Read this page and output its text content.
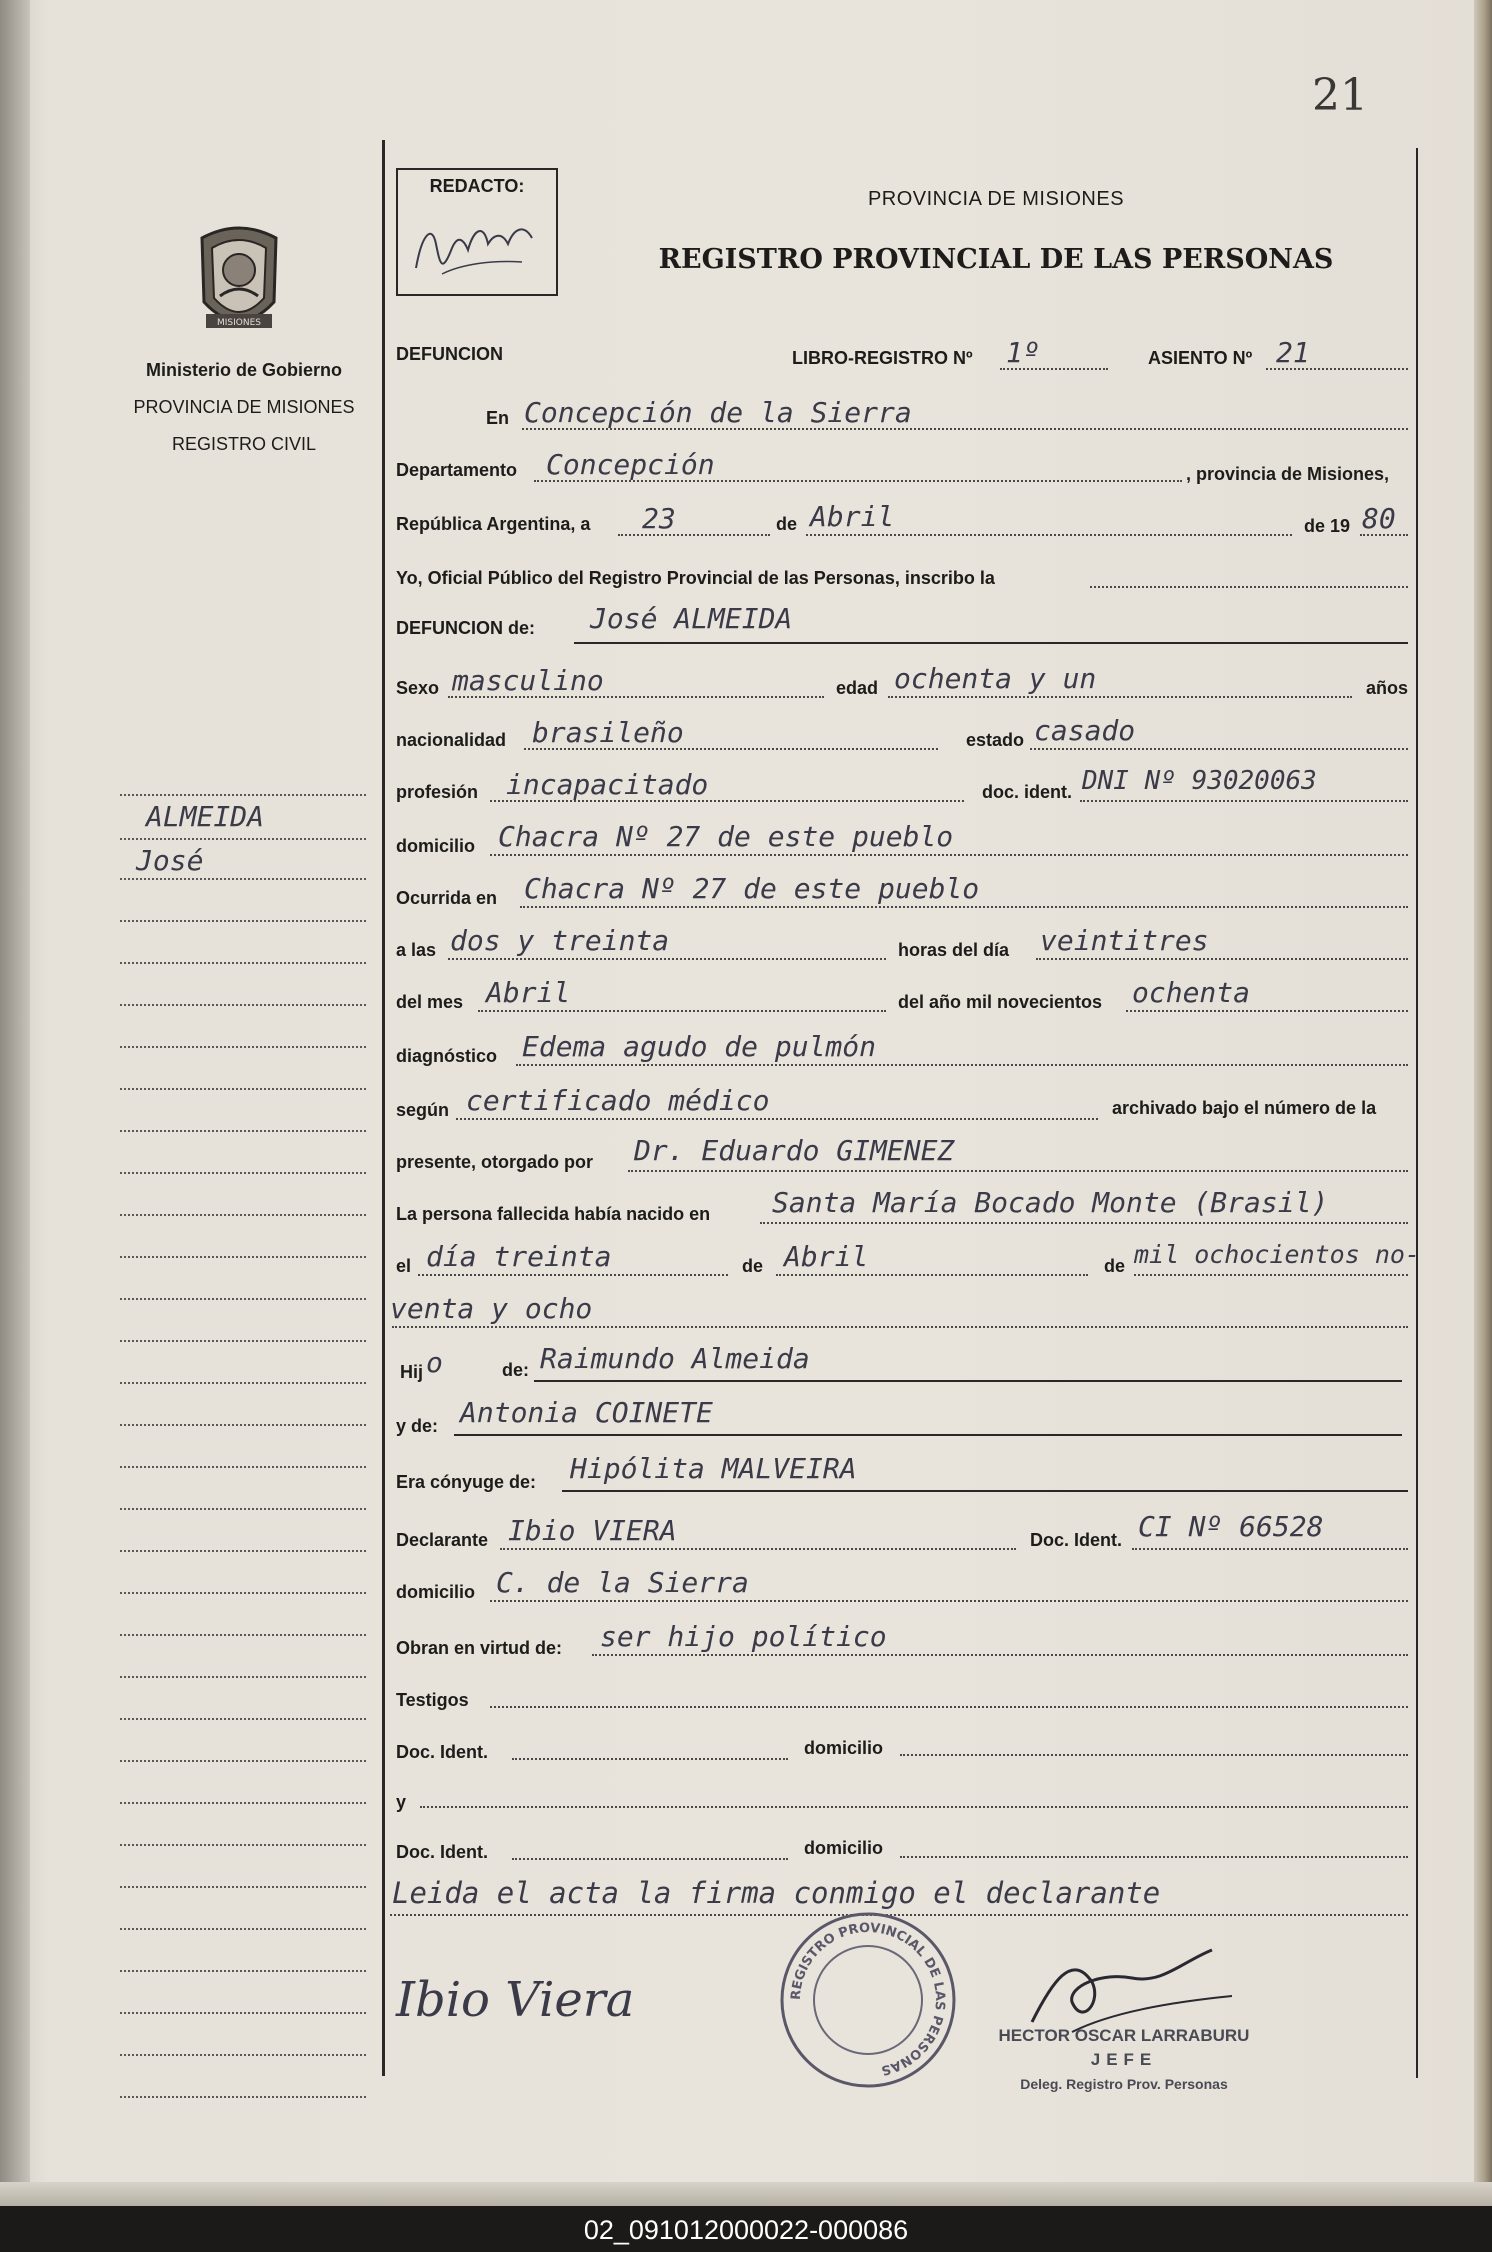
21
REDACTO:
MISIONES
Ministerio de Gobierno
PROVINCIA DE MISIONES
REGISTRO CIVIL
PROVINCIA DE MISIONES
REGISTRO PROVINCIAL DE LAS PERSONAS
DEFUNCION	LIBRO-REGISTRO Nº 1º	ASIENTO Nº 21
En Concepción de la Sierra
Departamento Concepción	, provincia de Misiones,
República Argentina, a 23	de Abril	de 19 80
Yo, Oficial Público del Registro Provincial de las Personas, inscribo la
DEFUNCION de: José ALMEIDA
Sexo masculino	edad ochenta y un	años
nacionalidad brasileño	estado casado
profesión incapacitado	doc. ident. DNI Nº 93020063
domicilio Chacra Nº 27 de este pueblo
Ocurrida en Chacra Nº 27 de este pueblo
a las dos y treinta	horas del día veintitres
del mes Abril	del año mil novecientos ochenta
diagnóstico Edema agudo de pulmón
según certificado médico	archivado bajo el número de la
presente, otorgado por Dr. Eduardo GIMENEZ
La persona fallecida había nacido en Santa María Bocado Monte (Brasil)
el día treinta	de Abril	de mil ochocientos no-
venta y ocho
Hij o	de: Raimundo Almeida
y de: Antonia COINETE
Era cónyuge de: Hipólita MALVEIRA
Declarante Ibio VIERA	Doc. Ident. CI Nº 66528
domicilio C. de la Sierra
Obran en virtud de: ser hijo político
Testigos
Doc. Ident.	domicilio
y
Doc. Ident.	domicilio
Leida el acta la firma conmigo el declarante
Ibio Viera	REGISTRO PROVINCIAL DE LAS PERSONAS
HECTOR OSCAR LARRABURU
JEFE
Deleg. Registro Prov. Personas
ALMEIDA
José
02_091012000022-000086
